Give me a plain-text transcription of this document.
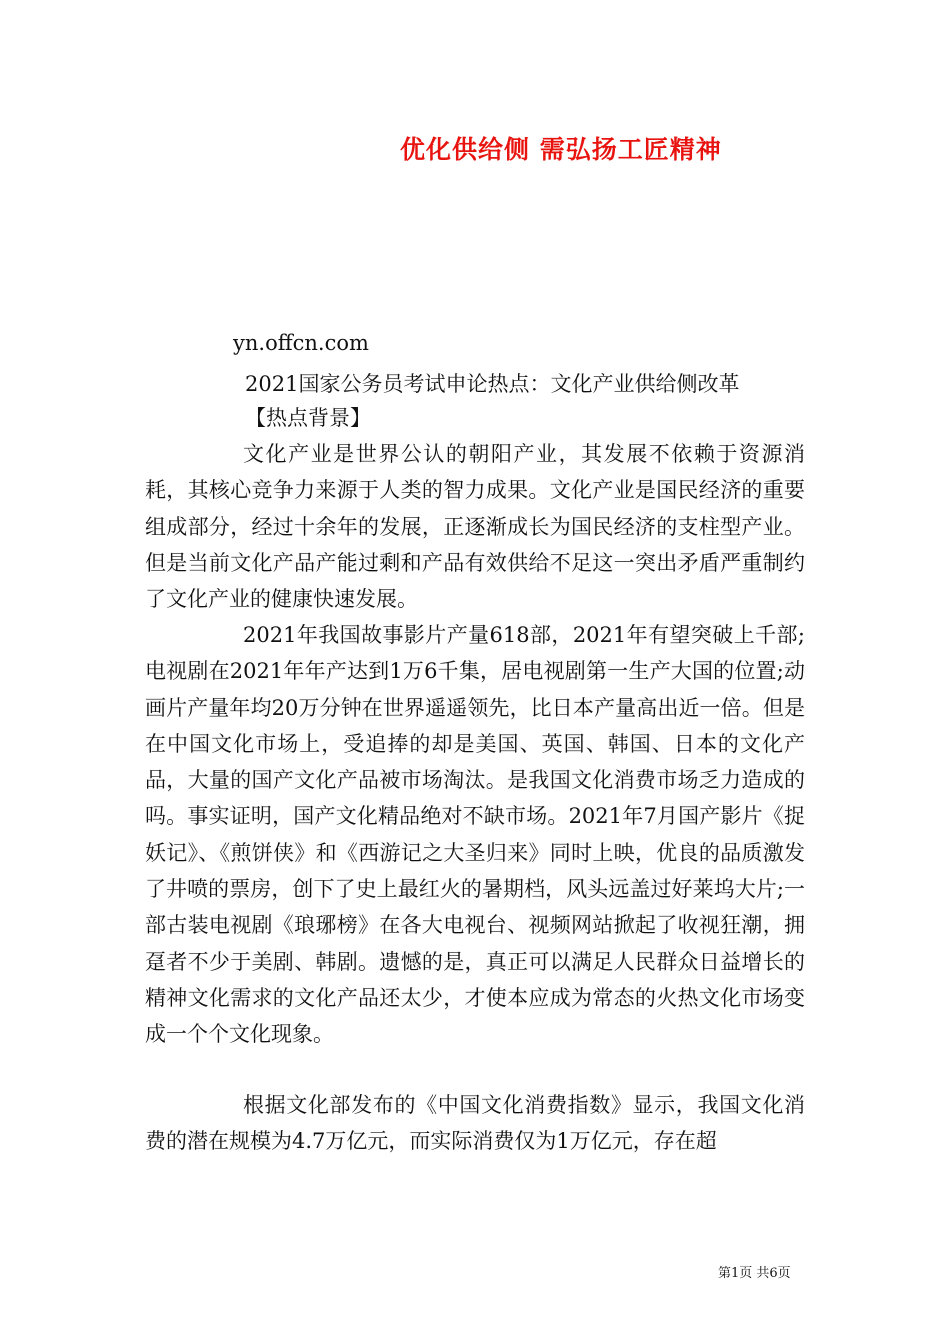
优化供给侧 需弘扬工匠精神
yn.offcn.com
2021国家公务员考试申论热点：文化产业供给侧改革
【热点背景】
文化产业是世界公认的朝阳产业，其发展不依赖于资源消耗，其核心竞争力来源于人类的智力成果。文化产业是国民经济的重要组成部分，经过十余年的发展，正逐渐成长为国民经济的支柱型产业。但是当前文化产品产能过剩和产品有效供给不足这一突出矛盾严重制约了文化产业的健康快速发展。
2021年我国故事影片产量618部，2021年有望突破上千部;电视剧在2021年年产达到1万6千集，居电视剧第一生产大国的位置;动画片产量年均20万分钟在世界遥遥领先，比日本产量高出近一倍。但是在中国文化市场上，受追捧的却是美国、英国、韩国、日本的文化产品，大量的国产文化产品被市场淘汰。是我国文化消费市场乏力造成的吗。事实证明，国产文化精品绝对不缺市场。2021年7月国产影片《捉妖记》、《煎饼侠》和《西游记之大圣归来》同时上映，优良的品质激发了井喷的票房，创下了史上最红火的暑期档，风头远盖过好莱坞大片;一部古装电视剧《琅琊榜》在各大电视台、视频网站掀起了收视狂潮，拥趸者不少于美剧、韩剧。遗憾的是，真正可以满足人民群众日益增长的精神文化需求的文化产品还太少，才使本应成为常态的火热文化市场变成一个个文化现象。
根据文化部发布的《中国文化消费指数》显示，我国文化消费的潜在规模为4.7万亿元，而实际消费仅为1万亿元，存在超
第1页 共6页
